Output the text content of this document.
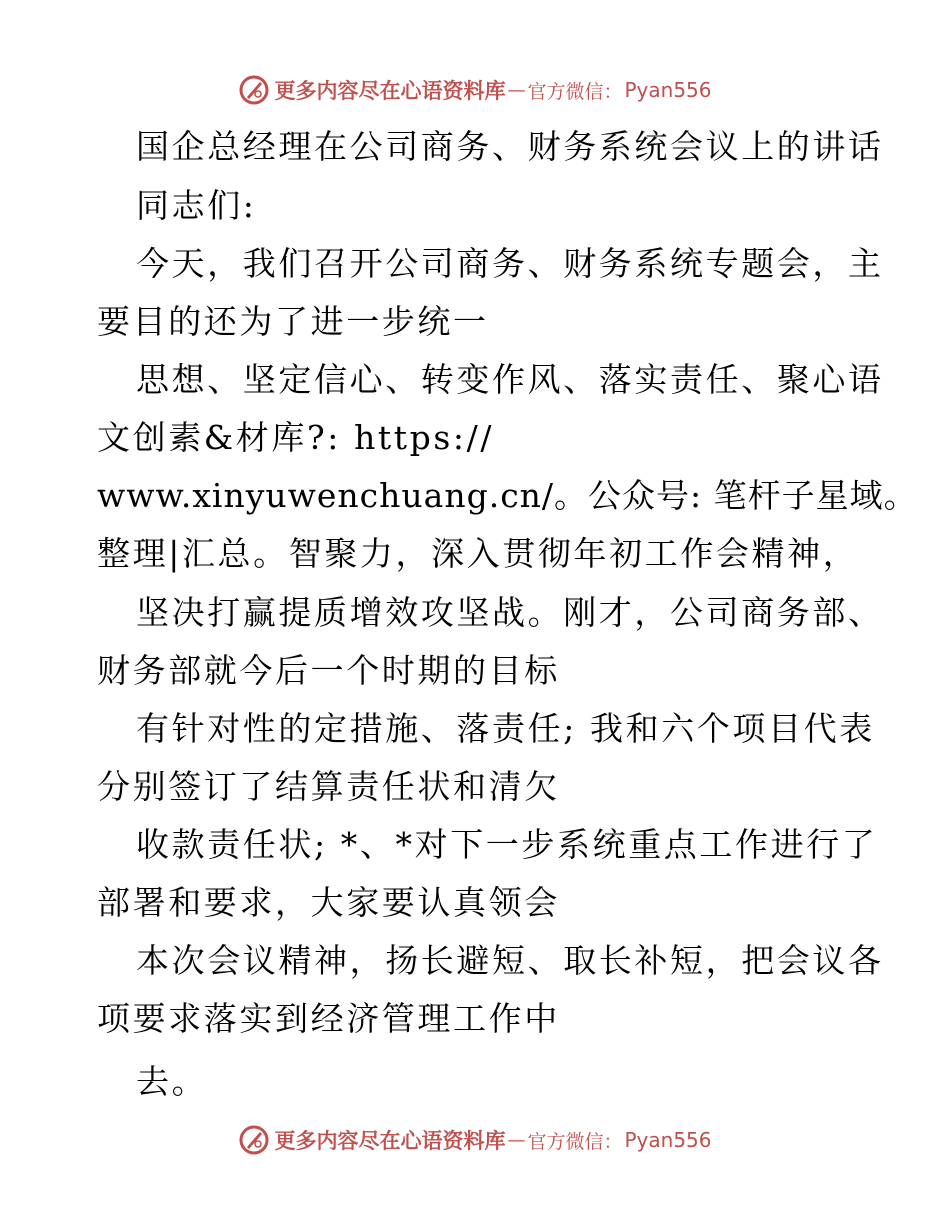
更多内容尽在心语资料库 — 官方微信： Pyan556
国企总经理在公司商务、财务系统会议上的讲话
同志们:
今天，我们召开公司商务、财务系统专题会，主
要目的还为了进一步统一
思想、坚定信心、转变作风、落实责任、聚心语
文创素&材库?: https://
www.xinyuwenchuang.cn/。公众号: 笔杆子星域。
整理|汇总。智聚力，深入贯彻年初工作会精神，
坚决打赢提质增效攻坚战。刚才，公司商务部、
财务部就今后一个时期的目标
有针对性的定措施、落责任; 我和六个项目代表
分别签订了结算责任状和清欠
收款责任状; *、*对下一步系统重点工作进行了
部署和要求，大家要认真领会
本次会议精神，扬长避短、取长补短，把会议各
项要求落实到经济管理工作中
去。
更多内容尽在心语资料库 — 官方微信： Pyan556
